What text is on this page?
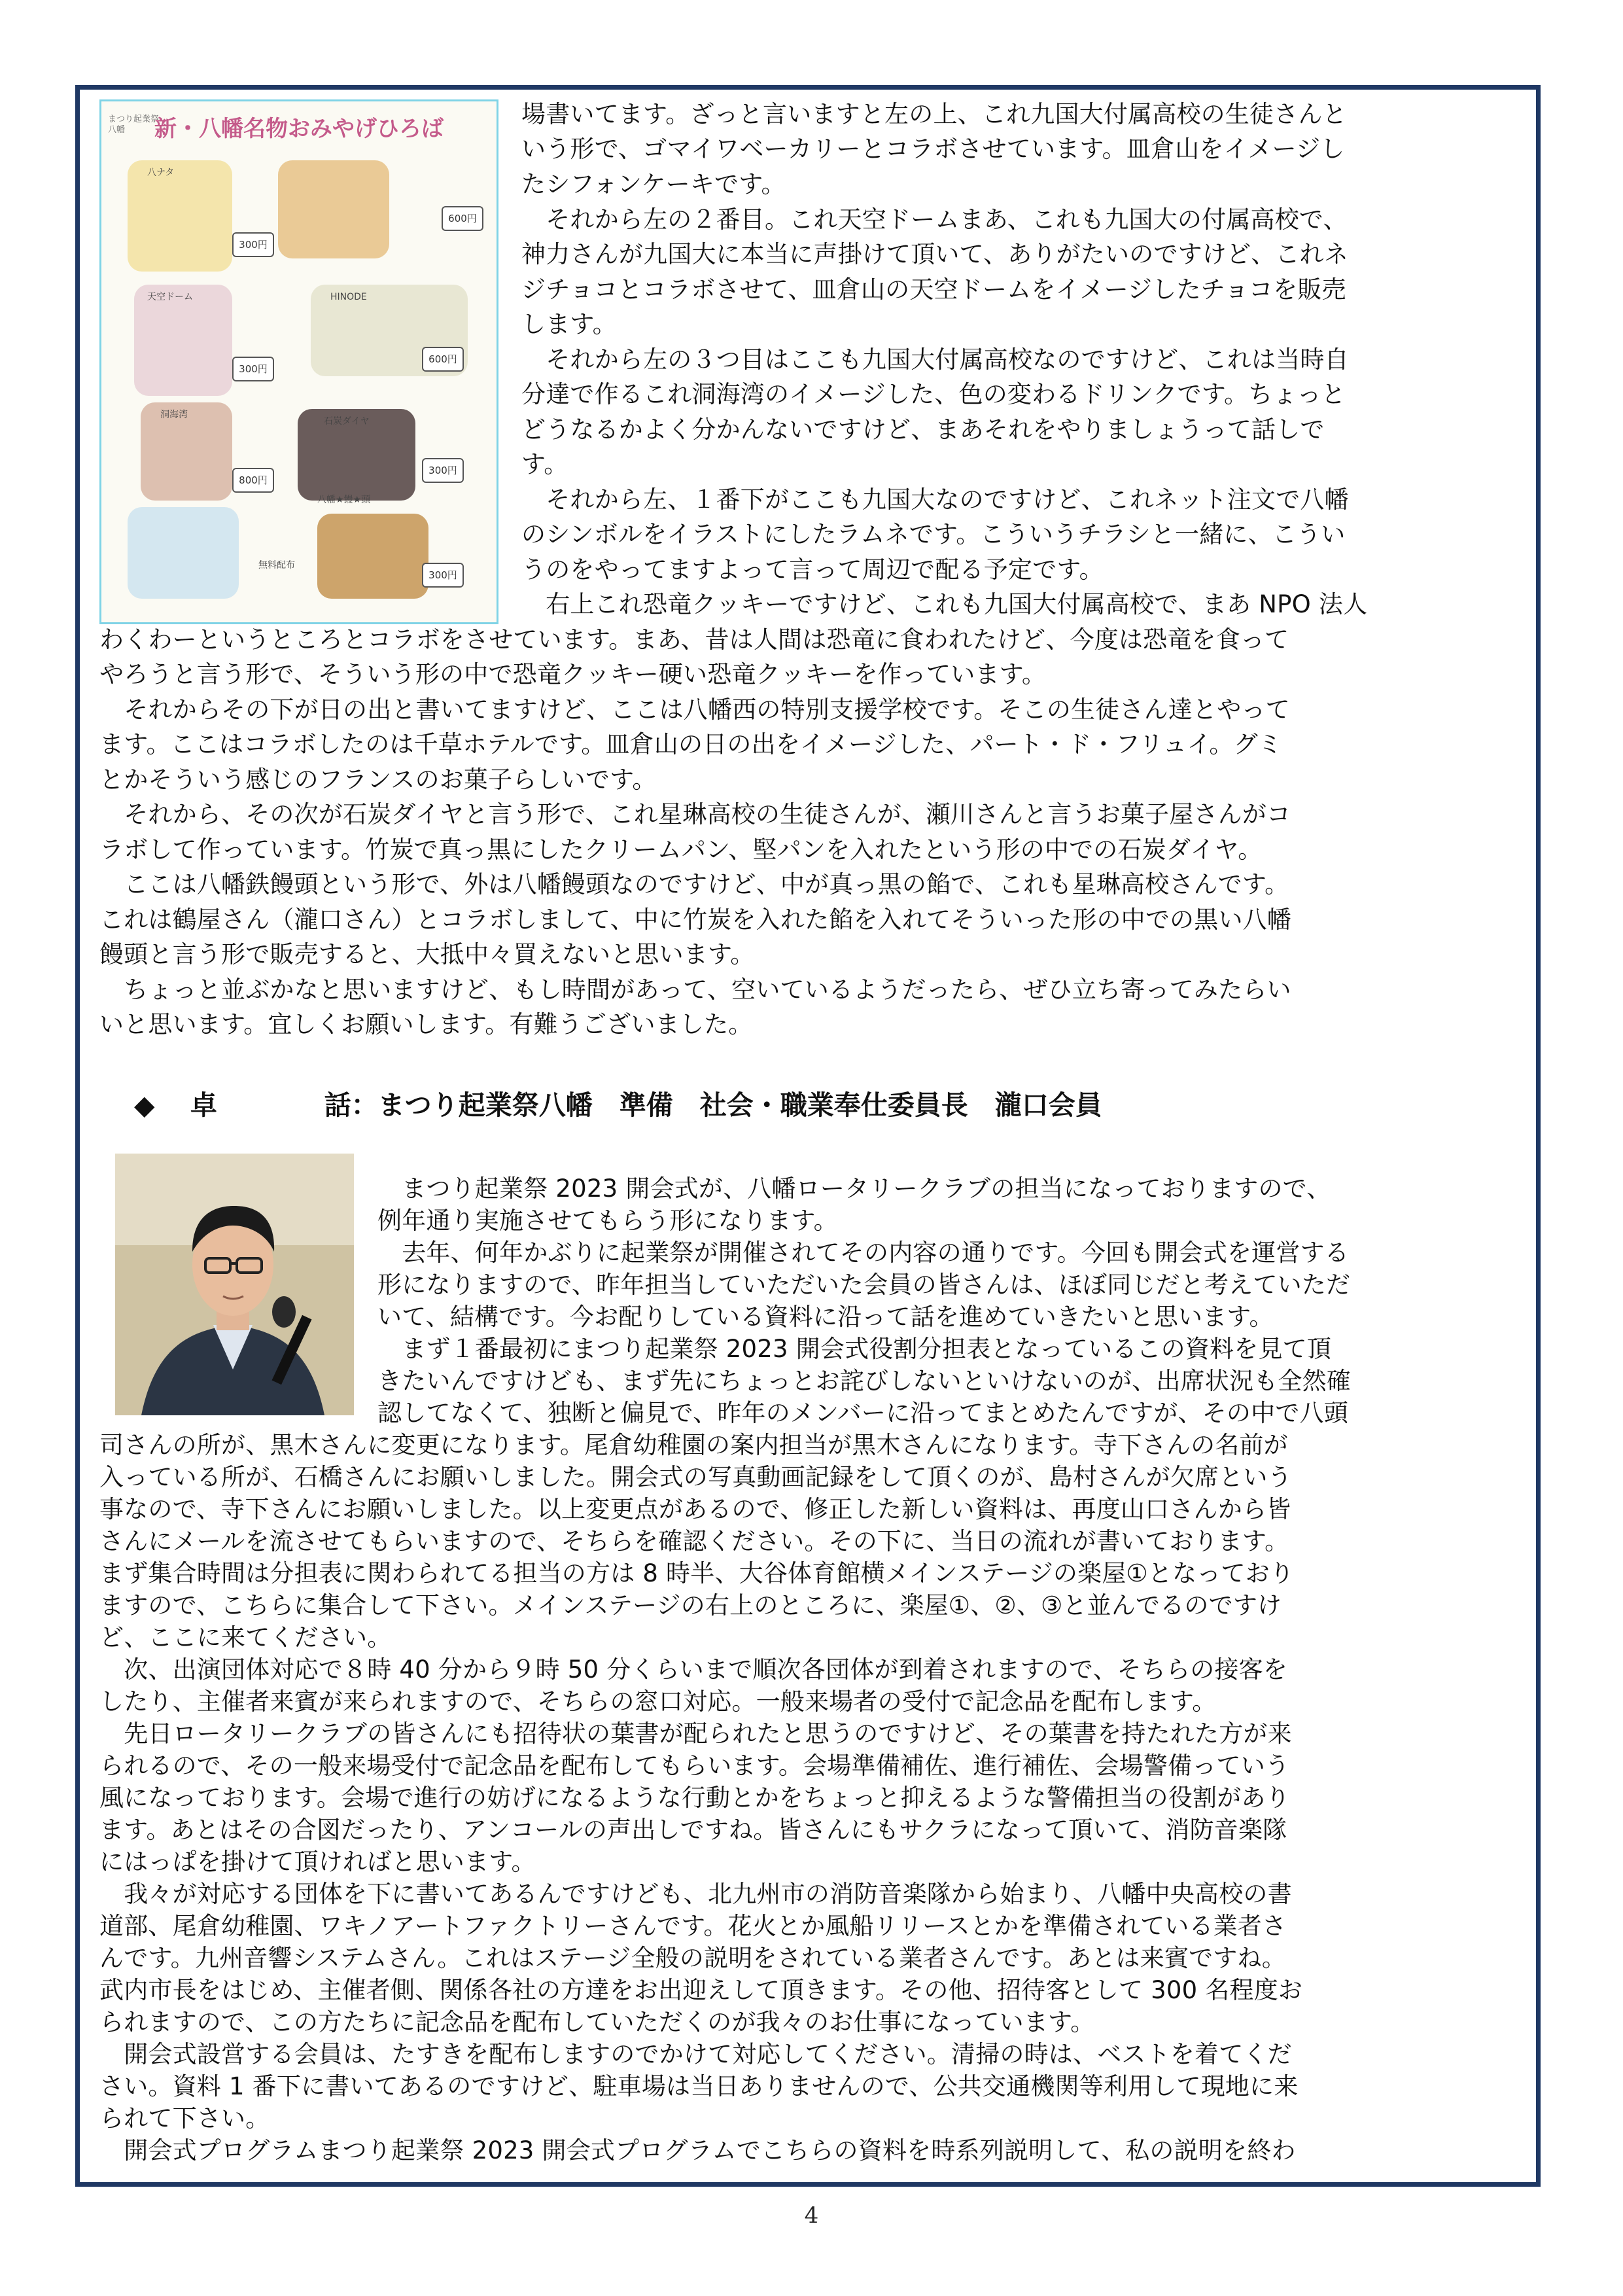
まつり起業祭八幡	新・八幡名物おみやげひろば
八ナタ
天空ドーム	HINODE
洞海湾
石炭ダイヤ
八幡★饅★頭
無料配布
300円
300円
600円
800円
300円
300円
600円
場書いてます。ざっと言いますと左の上、これ九国大付属高校の生徒さんと
いう形で、ゴマイワベーカリーとコラボさせています。皿倉山をイメージし
たシフォンケーキです。
　それから左の２番目。これ天空ドームまあ、これも九国大の付属高校で、
神力さんが九国大に本当に声掛けて頂いて、ありがたいのですけど、これネ
ジチョコとコラボさせて、皿倉山の天空ドームをイメージしたチョコを販売
します。
　それから左の３つ目はここも九国大付属高校なのですけど、これは当時自
分達で作るこれ洞海湾のイメージした、色の変わるドリンクです。ちょっと
どうなるかよく分かんないですけど、まあそれをやりましょうって話しで
す。
　それから左、１番下がここも九国大なのですけど、これネット注文で八幡
のシンボルをイラストにしたラムネです。こういうチラシと一緒に、こうい
うのをやってますよって言って周辺で配る予定です。
　右上これ恐竜クッキーですけど、これも九国大付属高校で、まあ NPO 法人
わくわーというところとコラボをさせています。まあ、昔は人間は恐竜に食われたけど、今度は恐竜を食って
やろうと言う形で、そういう形の中で恐竜クッキー硬い恐竜クッキーを作っています。
　それからその下が日の出と書いてますけど、ここは八幡西の特別支援学校です。そこの生徒さん達とやって
ます。ここはコラボしたのは千草ホテルです。皿倉山の日の出をイメージした、パート・ド・フリュイ。グミ
とかそういう感じのフランスのお菓子らしいです。
　それから、その次が石炭ダイヤと言う形で、これ星琳高校の生徒さんが、瀬川さんと言うお菓子屋さんがコ
ラボして作っています。竹炭で真っ黒にしたクリームパン、堅パンを入れたという形の中での石炭ダイヤ。
　ここは八幡鉄饅頭という形で、外は八幡饅頭なのですけど、中が真っ黒の餡で、これも星琳高校さんです。
これは鶴屋さん（瀧口さん）とコラボしまして、中に竹炭を入れた餡を入れてそういった形の中での黒い八幡
饅頭と言う形で販売すると、大抵中々買えないと思います。
　ちょっと並ぶかなと思いますけど、もし時間があって、空いているようだったら、ぜひ立ち寄ってみたらい
いと思います。宜しくお願いします。有難うございました。
◆ 卓　　　　話：まつり起業祭八幡　準備　社会・職業奉仕委員長　瀧口会員
　まつり起業祭 2023 開会式が、八幡ロータリークラブの担当になっておりますので、
例年通り実施させてもらう形になります。
　去年、何年かぶりに起業祭が開催されてその内容の通りです。今回も開会式を運営する
形になりますので、昨年担当していただいた会員の皆さんは、ほぼ同じだと考えていただ
いて、結構です。今お配りしている資料に沿って話を進めていきたいと思います。
　まず１番最初にまつり起業祭 2023 開会式役割分担表となっているこの資料を見て頂
きたいんですけども、まず先にちょっとお詫びしないといけないのが、出席状況も全然確
認してなくて、独断と偏見で、昨年のメンバーに沿ってまとめたんですが、その中で八頭
司さんの所が、黒木さんに変更になります。尾倉幼稚園の案内担当が黒木さんになります。寺下さんの名前が
入っている所が、石橋さんにお願いしました。開会式の写真動画記録をして頂くのが、島村さんが欠席という
事なので、寺下さんにお願いしました。以上変更点があるので、修正した新しい資料は、再度山口さんから皆
さんにメールを流させてもらいますので、そちらを確認ください。その下に、当日の流れが書いております。
まず集合時間は分担表に関わられてる担当の方は 8 時半、大谷体育館横メインステージの楽屋①となっており
ますので、こちらに集合して下さい。メインステージの右上のところに、楽屋①、②、③と並んでるのですけ
ど、ここに来てください。
　次、出演団体対応で８時 40 分から９時 50 分くらいまで順次各団体が到着されますので、そちらの接客を
したり、主催者来賓が来られますので、そちらの窓口対応。一般来場者の受付で記念品を配布します。
　先日ロータリークラブの皆さんにも招待状の葉書が配られたと思うのですけど、その葉書を持たれた方が来
られるので、その一般来場受付で記念品を配布してもらいます。会場準備補佐、進行補佐、会場警備っていう
風になっております。会場で進行の妨げになるような行動とかをちょっと抑えるような警備担当の役割があり
ます。あとはその合図だったり、アンコールの声出しですね。皆さんにもサクラになって頂いて、消防音楽隊
にはっぱを掛けて頂ければと思います。
　我々が対応する団体を下に書いてあるんですけども、北九州市の消防音楽隊から始まり、八幡中央高校の書
道部、尾倉幼稚園、ワキノアートファクトリーさんです。花火とか風船リリースとかを準備されている業者さ
んです。九州音響システムさん。これはステージ全般の説明をされている業者さんです。あとは来賓ですね。
武内市長をはじめ、主催者側、関係各社の方達をお出迎えして頂きます。その他、招待客として 300 名程度お
られますので、この方たちに記念品を配布していただくのが我々のお仕事になっています。
　開会式設営する会員は、たすきを配布しますのでかけて対応してください。清掃の時は、ベストを着てくだ
さい。資料 1 番下に書いてあるのですけど、駐車場は当日ありませんので、公共交通機関等利用して現地に来
られて下さい。
　開会式プログラムまつり起業祭 2023 開会式プログラムでこちらの資料を時系列説明して、私の説明を終わ
4
